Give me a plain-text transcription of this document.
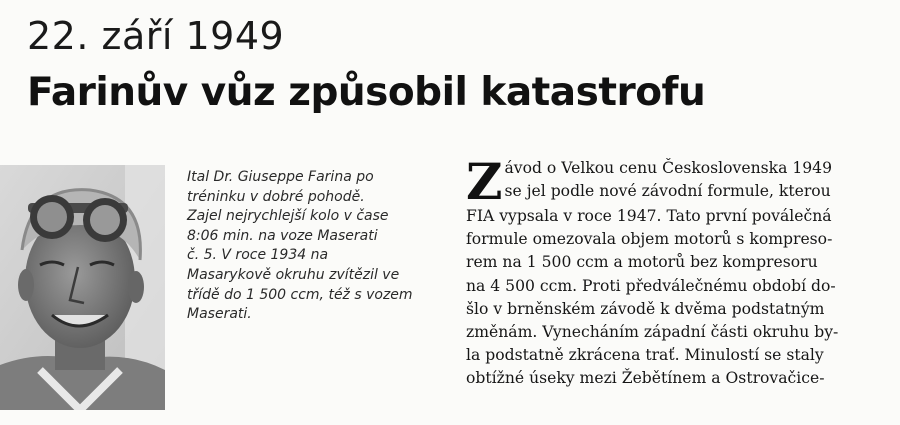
22. září 1949
Farinův vůz způsobil katastrofu
Ital Dr. Giuseppe Farina po
tréninku v dobré pohodě.
Zajel nejrychlejší kolo v čase
8:06 min. na voze Maserati
č. 5. V roce 1934 na
Masarykově okruhu zvítězil ve
třídě do 1 500 ccm, též s vozem
Maserati.
Z ávod o Velkou cenu Československa 1949
se jel podle nové závodní formule, kterou
FIA vypsala v roce 1947. Tato první poválečná
formule omezovala objem motorů s kompreso-
rem na 1 500 ccm a motorů bez kompresoru
na 4 500 ccm. Proti předválečnému období do-
šlo v brněnském závodě k dvěma podstatným
změnám. Vynecháním západní části okruhu by-
la podstatně zkrácena trať. Minulostí se staly
obtížné úseky mezi Žebětínem a Ostrovačice-
